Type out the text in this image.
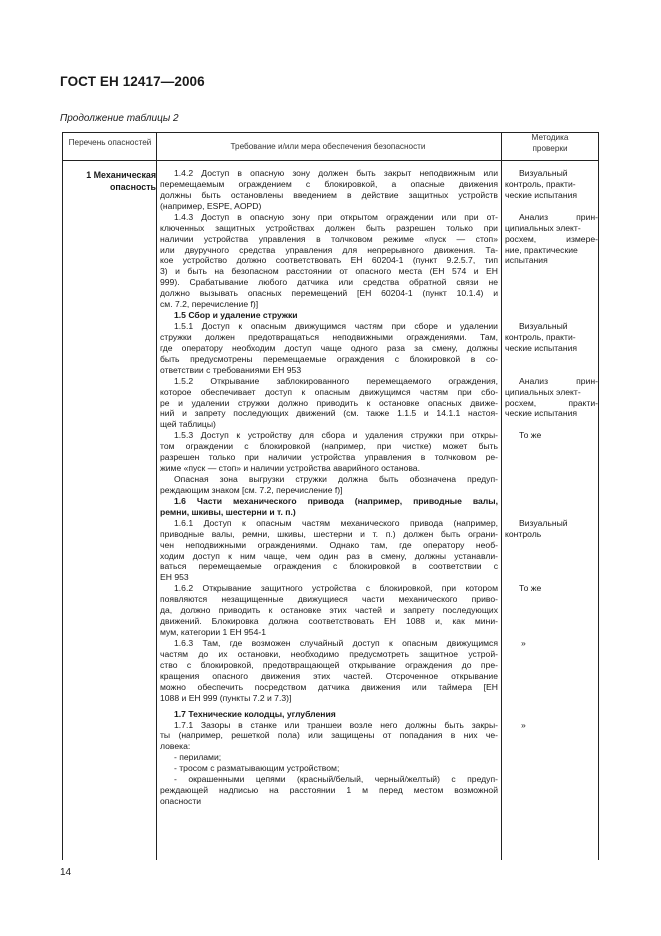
ГОСТ ЕН 12417—2006
Продолжение таблицы 2
Перечень опасностей	Требование и/или мера обеспечения безопасности
Методика проверки
1 Механическая опасность
1.4.2 Доступ в опасную зону должен быть закрыт неподвижным или
перемещаемым ограждением с блокировкой, а опасные движения
должны быть остановлены введением в действие защитных устройств
(например, ESPE, AOPD)
1.4.3 Доступ в опасную зону при открытом ограждении или при от-
ключенных защитных устройствах должен быть разрешен только при
наличии устройства управления в толчковом режиме «пуск — стоп»
или двуручного средства управления для непрерывного движения. Та-
кое устройство должно соответствовать ЕН 60204-1 (пункт 9.2.5.7, тип
3) и быть на безопасном расстоянии от опасного места (ЕН 574 и ЕН
999). Срабатывание любого датчика или средства обратной связи не
должно вызывать опасных перемещений [ЕН 60204-1 (пункт 10.1.4) и
см. 7.2, перечисление f)]
1.5 Сбор и удаление стружки
1.5.1 Доступ к опасным движущимся частям при сборе и удалении
стружки должен предотвращаться неподвижными ограждениями. Там,
где оператору необходим доступ чаще одного раза за смену, должны
быть предусмотрены перемещаемые ограждения с блокировкой в со-
ответствии с требованиями ЕН 953
1.5.2 Открывание заблокированного перемещаемого ограждения,
которое обеспечивает доступ к опасным движущимся частям при сбо-
ре и удалении стружки должно приводить к остановке опасных движе-
ний и запрету последующих движений (см. также 1.1.5 и 14.1.1 настоя-
щей таблицы)
1.5.3 Доступ к устройству для сбора и удаления стружки при откры-
том ограждении с блокировкой (например, при чистке) может быть
разрешен только при наличии устройства управления в толчковом ре-
жиме «пуск — стоп» и наличии устройства аварийного останова.
Опасная зона выгрузки стружки должна быть обозначена предуп-
реждающим знаком [см. 7.2, перечисление f)]
1.6 Части механического привода (например, приводные валы,
ремни, шкивы, шестерни и т. п.)
1.6.1 Доступ к опасным частям механического привода (например,
приводные валы, ремни, шкивы, шестерни и т. п.) должен быть ограни-
чен неподвижными ограждениями. Однако там, где оператору необ-
ходим доступ к ним чаще, чем один раз в смену, должны устанавли-
ваться перемещаемые ограждения с блокировкой в соответствии с
ЕН 953
1.6.2 Открывание защитного устройства с блокировкой, при котором
появляются незащищенные движущиеся части механического приво-
да, должно приводить к остановке этих частей и запрету последующих
движений. Блокировка должна соответствовать ЕН 1088 и, как мини-
мум, категории 1 ЕН 954-1
1.6.3 Там, где возможен случайный доступ к опасным движущимся
частям до их остановки, необходимо предусмотреть защитное устрой-
ство с блокировкой, предотвращающей открывание ограждения до пре-
кращения опасного движения этих частей. Отсроченное открывание
можно обеспечить посредством датчика движения или таймера [ЕН
1088 и ЕН 999 (пункты 7.2 и 7.3)]
1.7 Технические колодцы, углубления
1.7.1 Зазоры в станке или траншеи возле него должны быть закры-
ты (например, решеткой пола) или защищены от попадания в них че-
ловека:
- перилами;
- тросом с разматывающим устройством;
- окрашенными цепями (красный/белый, черный/желтый) с предуп-
реждающей надписью на расстоянии 1 м перед местом возможной
опасности
Визуальный
контроль, практи-
ческие испытания
Анализ прин-
ципиальных элект-
росхем, измере-
ние, практические
испытания
Визуальный
контроль, практи-
ческие испытания
Анализ прин-
ципиальных элект-
росхем, практи-
ческие испытания
То же
Визуальный
контроль
То же
»
»
14
